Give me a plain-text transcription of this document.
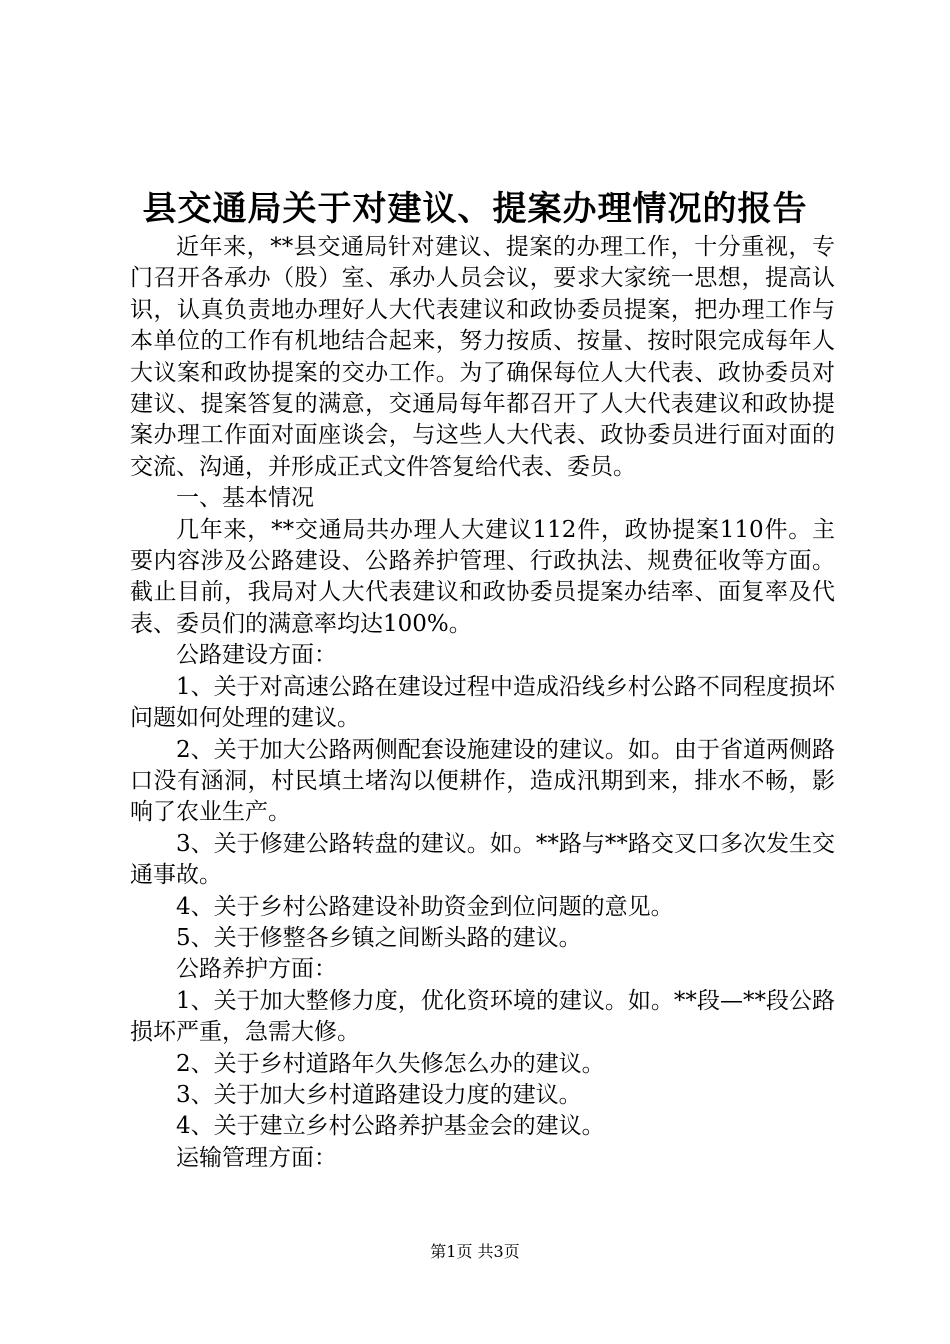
县交通局关于对建议、提案办理情况的报告

近年来，**县交通局针对建议、提案的办理工作，十分重视，专门召开各承办（股）室、承办人员会议，要求大家统一思想，提高认识，认真负责地办理好人大代表建议和政协委员提案，把办理工作与本单位的工作有机地结合起来，努力按质、按量、按时限完成每年人大议案和政协提案的交办工作。为了确保每位人大代表、政协委员对建议、提案答复的满意，交通局每年都召开了人大代表建议和政协提案办理工作面对面座谈会，与这些人大代表、政协委员进行面对面的交流、沟通，并形成正式文件答复给代表、委员。

一、基本情况

几年来，**交通局共办理人大建议112件，政协提案110件。主要内容涉及公路建设、公路养护管理、行政执法、规费征收等方面。截止目前，我局对人大代表建议和政协委员提案办结率、面复率及代表、委员们的满意率均达100%。

公路建设方面：

1、关于对高速公路在建设过程中造成沿线乡村公路不同程度损坏问题如何处理的建议。

2、关于加大公路两侧配套设施建设的建议。如。由于省道两侧路口没有涵洞，村民填土堵沟以便耕作，造成汛期到来，排水不畅，影响了农业生产。

3、关于修建公路转盘的建议。如。**路与**路交叉口多次发生交通事故。

4、关于乡村公路建设补助资金到位问题的意见。

5、关于修整各乡镇之间断头路的建议。

公路养护方面：

1、关于加大整修力度，优化资环境的建议。如。**段—**段公路损坏严重，急需大修。

2、关于乡村道路年久失修怎么办的建议。

3、关于加大乡村道路建设力度的建议。

4、关于建立乡村公路养护基金会的建议。

运输管理方面：

第1页 共3页
